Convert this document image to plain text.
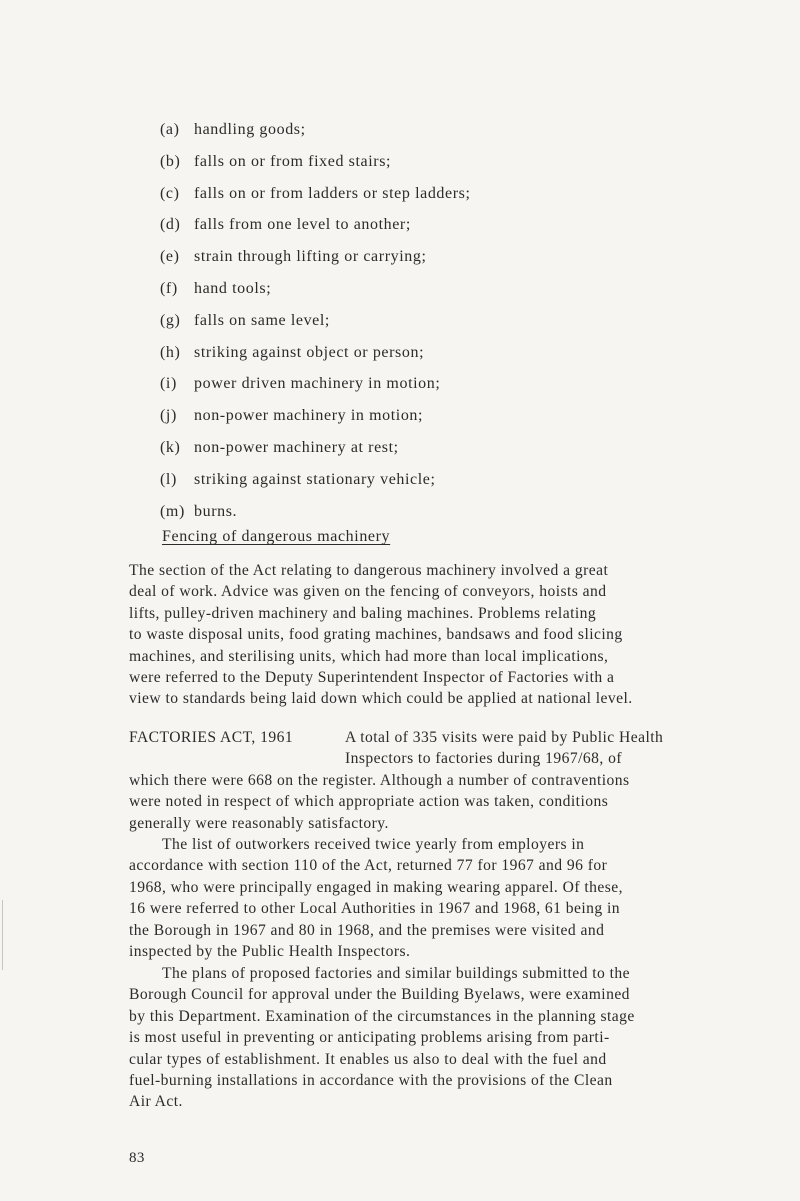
(a) handling goods;
(b) falls on or from fixed stairs;
(c) falls on or from ladders or step ladders;
(d) falls from one level to another;
(e) strain through lifting or carrying;
(f)	hand tools;
(g) falls on same level;
(h) striking against object or person;
(i)	power driven machinery in motion;
(j)	non-power machinery in motion;
(k) non-power machinery at rest;
(l)	striking against stationary vehicle;
(m) burns.
Fencing of dangerous machinery

The section of the Act relating to dangerous machinery involved a great
deal of work. Advice was given on the fencing of conveyors, hoists and
lifts, pulley-driven machinery and baling machines. Problems relating
to waste disposal units, food grating machines, bandsaws and food slicing
machines, and sterilising units, which had more than local implications,
were referred to the Deputy Superintendent Inspector of Factories with a
view to standards being laid down which could be applied at national level.

FACTORIES ACT, 1961	A total of 335 visits were paid by Public Health
Inspectors to factories during 1967/68, of

which there were 668 on the register. Although a number of contraventions
were noted in respect of which appropriate action was taken, conditions
generally were reasonably satisfactory.

The list of outworkers received twice yearly from employers in
accordance with section 110 of the Act, returned 77 for 1967 and 96 for
1968, who were principally engaged in making wearing apparel. Of these,
16 were referred to other Local Authorities in 1967 and 1968, 61 being in
the Borough in 1967 and 80 in 1968, and the premises were visited and
inspected by the Public Health Inspectors.

The plans of proposed factories and similar buildings submitted to the
Borough Council for approval under the Building Byelaws, were examined
by this Department. Examination of the circumstances in the planning stage
is most useful in preventing or anticipating problems arising from parti-
cular types of establishment. It enables us also to deal with the fuel and
fuel-burning installations in accordance with the provisions of the Clean
Air Act.

83
